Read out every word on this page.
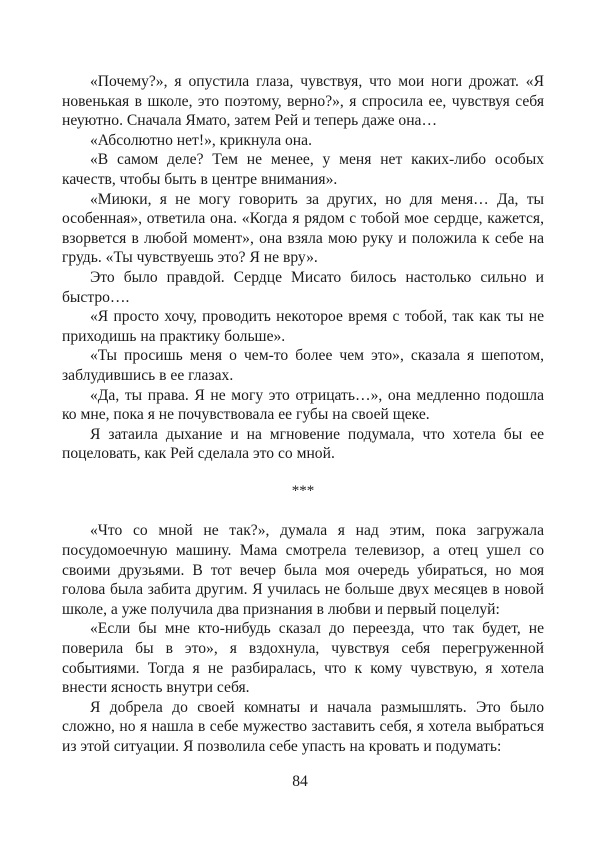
«Почему?», я опустила глаза, чувствуя, что мои ноги дрожат. «Я новенькая в школе, это поэтому, верно?», я спросила ее, чувствуя себя неуютно. Сначала Ямато, затем Рей и теперь даже она…

«Абсолютно нет!», крикнула она.

«В самом деле? Тем не менее, у меня нет каких-либо особых качеств, чтобы быть в центре внимания».

«Миюки, я не могу говорить за других, но для меня… Да, ты особенная», ответила она. «Когда я рядом с тобой мое сердце, кажется, взорвется в любой момент», она взяла мою руку и положила к себе на грудь. «Ты чувствуешь это? Я не вру».

Это было правдой. Сердце Мисато билось настолько сильно и быстро….

«Я просто хочу, проводить некоторое время с тобой, так как ты не приходишь на практику больше».

«Ты просишь меня о чем-то более чем это», сказала я шепотом, заблудившись в ее глазах.

«Да, ты права. Я не могу это отрицать…», она медленно подошла ко мне, пока я не почувствовала ее губы на своей щеке.

Я затаила дыхание и на мгновение подумала, что хотела бы ее поцеловать, как Рей сделала это со мной.

***

«Что со мной не так?», думала я над этим, пока загружала посудомоечную машину. Мама смотрела телевизор, а отец ушел со своими друзьями. В тот вечер была моя очередь убираться, но моя голова была забита другим. Я училась не больше двух месяцев в новой школе, а уже получила два признания в любви и первый поцелуй:

«Если бы мне кто-нибудь сказал до переезда, что так будет, не поверила бы в это», я вздохнула, чувствуя себя перегруженной событиями. Тогда я не разбиралась, что к кому чувствую, я хотела внести ясность внутри себя.

Я добрела до своей комнаты и начала размышлять. Это было сложно, но я нашла в себе мужество заставить себя, я хотела выбраться из этой ситуации. Я позволила себе упасть на кровать и подумать:

84
